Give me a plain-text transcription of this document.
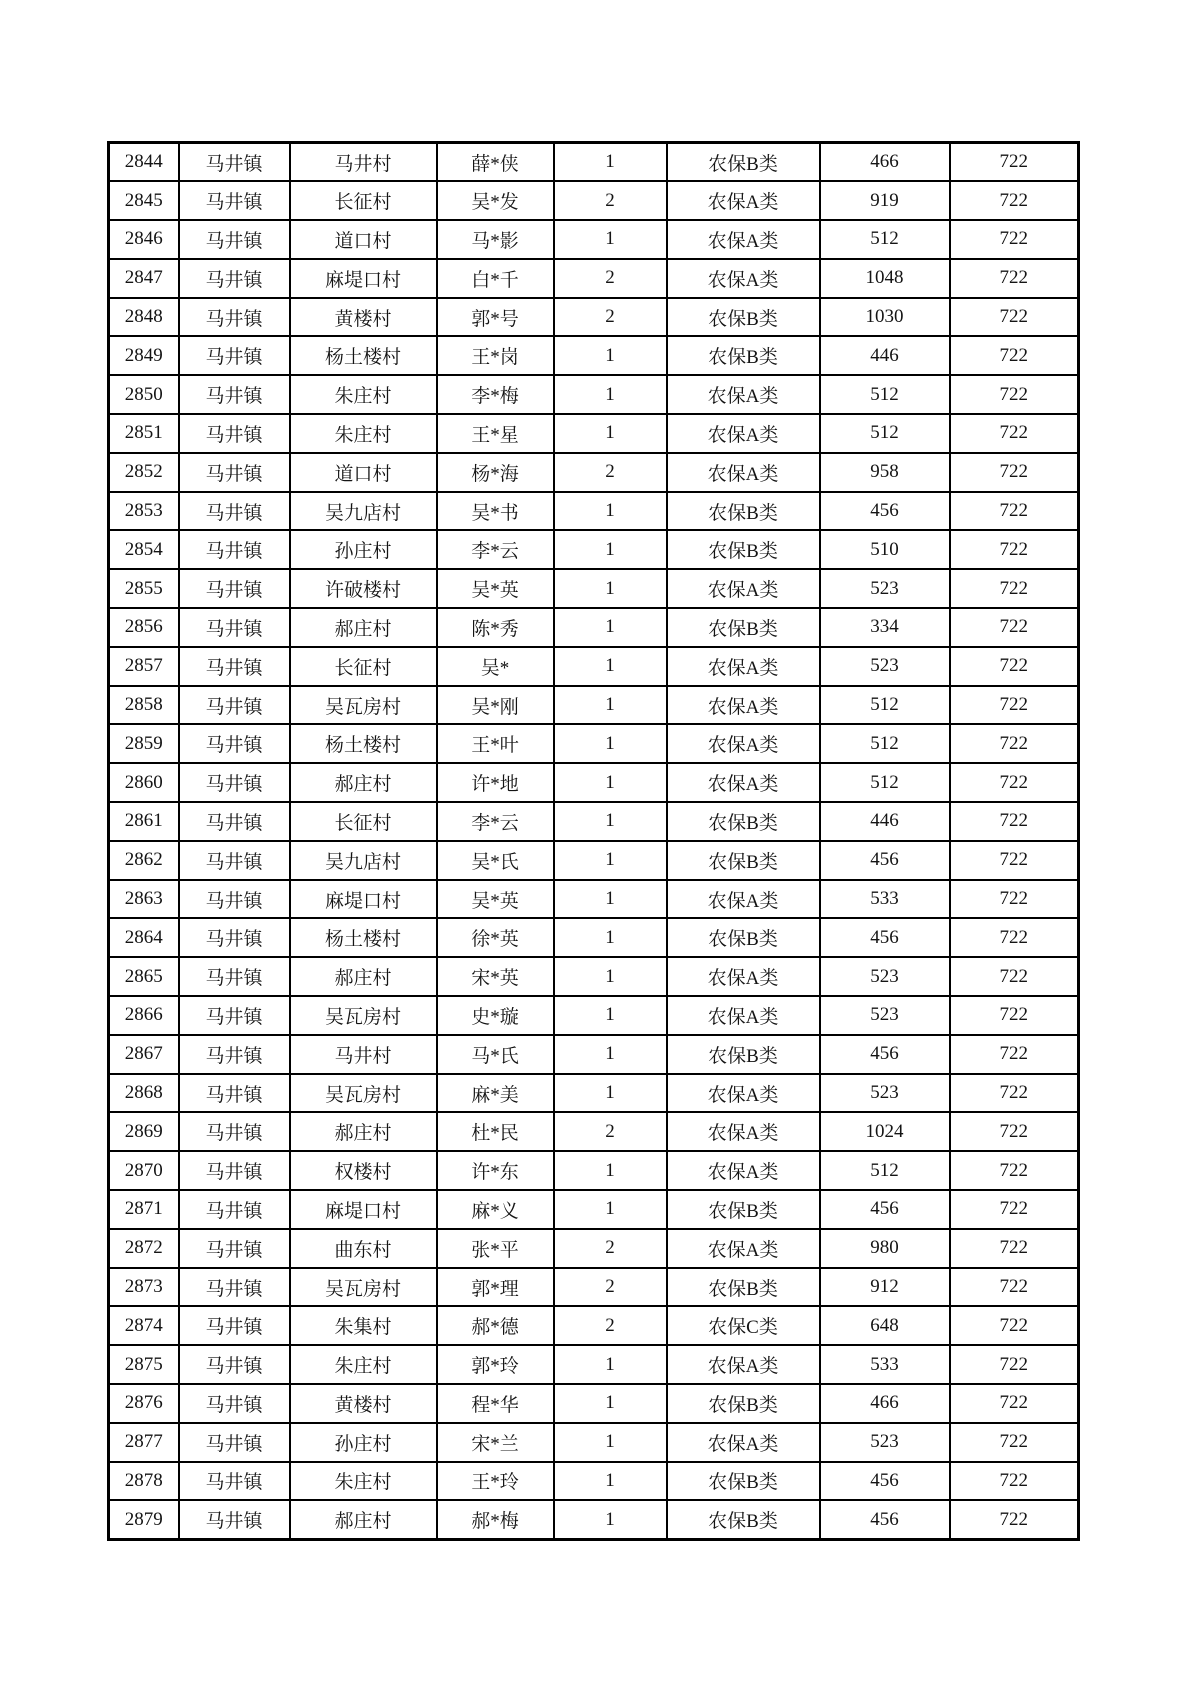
2844	马井镇	马井村	薛*侠	1	农保B类	466	722
2845	马井镇	长征村	吴*发	2	农保A类	919	722
2846	马井镇	道口村	马*影	1	农保A类	512	722
2847	马井镇	麻堤口村	白*千	2	农保A类	1048	722
2848	马井镇	黄楼村	郭*号	2	农保B类	1030	722
2849	马井镇	杨土楼村	王*岗	1	农保B类	446	722
2850	马井镇	朱庄村	李*梅	1	农保A类	512	722
2851	马井镇	朱庄村	王*星	1	农保A类	512	722
2852	马井镇	道口村	杨*海	2	农保A类	958	722
2853	马井镇	吴九店村	吴*书	1	农保B类	456	722
2854	马井镇	孙庄村	李*云	1	农保B类	510	722
2855	马井镇	许破楼村	吴*英	1	农保A类	523	722
2856	马井镇	郝庄村	陈*秀	1	农保B类	334	722
2857	马井镇	长征村	吴*	1	农保A类	523	722
2858	马井镇	吴瓦房村	吴*刚	1	农保A类	512	722
2859	马井镇	杨土楼村	王*叶	1	农保A类	512	722
2860	马井镇	郝庄村	许*地	1	农保A类	512	722
2861	马井镇	长征村	李*云	1	农保B类	446	722
2862	马井镇	吴九店村	吴*氏	1	农保B类	456	722
2863	马井镇	麻堤口村	吴*英	1	农保A类	533	722
2864	马井镇	杨土楼村	徐*英	1	农保B类	456	722
2865	马井镇	郝庄村	宋*英	1	农保A类	523	722
2866	马井镇	吴瓦房村	史*璇	1	农保A类	523	722
2867	马井镇	马井村	马*氏	1	农保B类	456	722
2868	马井镇	吴瓦房村	麻*美	1	农保A类	523	722
2869	马井镇	郝庄村	杜*民	2	农保A类	1024	722
2870	马井镇	权楼村	许*东	1	农保A类	512	722
2871	马井镇	麻堤口村	麻*义	1	农保B类	456	722
2872	马井镇	曲东村	张*平	2	农保A类	980	722
2873	马井镇	吴瓦房村	郭*理	2	农保B类	912	722
2874	马井镇	朱集村	郝*德	2	农保C类	648	722
2875	马井镇	朱庄村	郭*玲	1	农保A类	533	722
2876	马井镇	黄楼村	程*华	1	农保B类	466	722
2877	马井镇	孙庄村	宋*兰	1	农保A类	523	722
2878	马井镇	朱庄村	王*玲	1	农保B类	456	722
2879	马井镇	郝庄村	郝*梅	1	农保B类	456	722
